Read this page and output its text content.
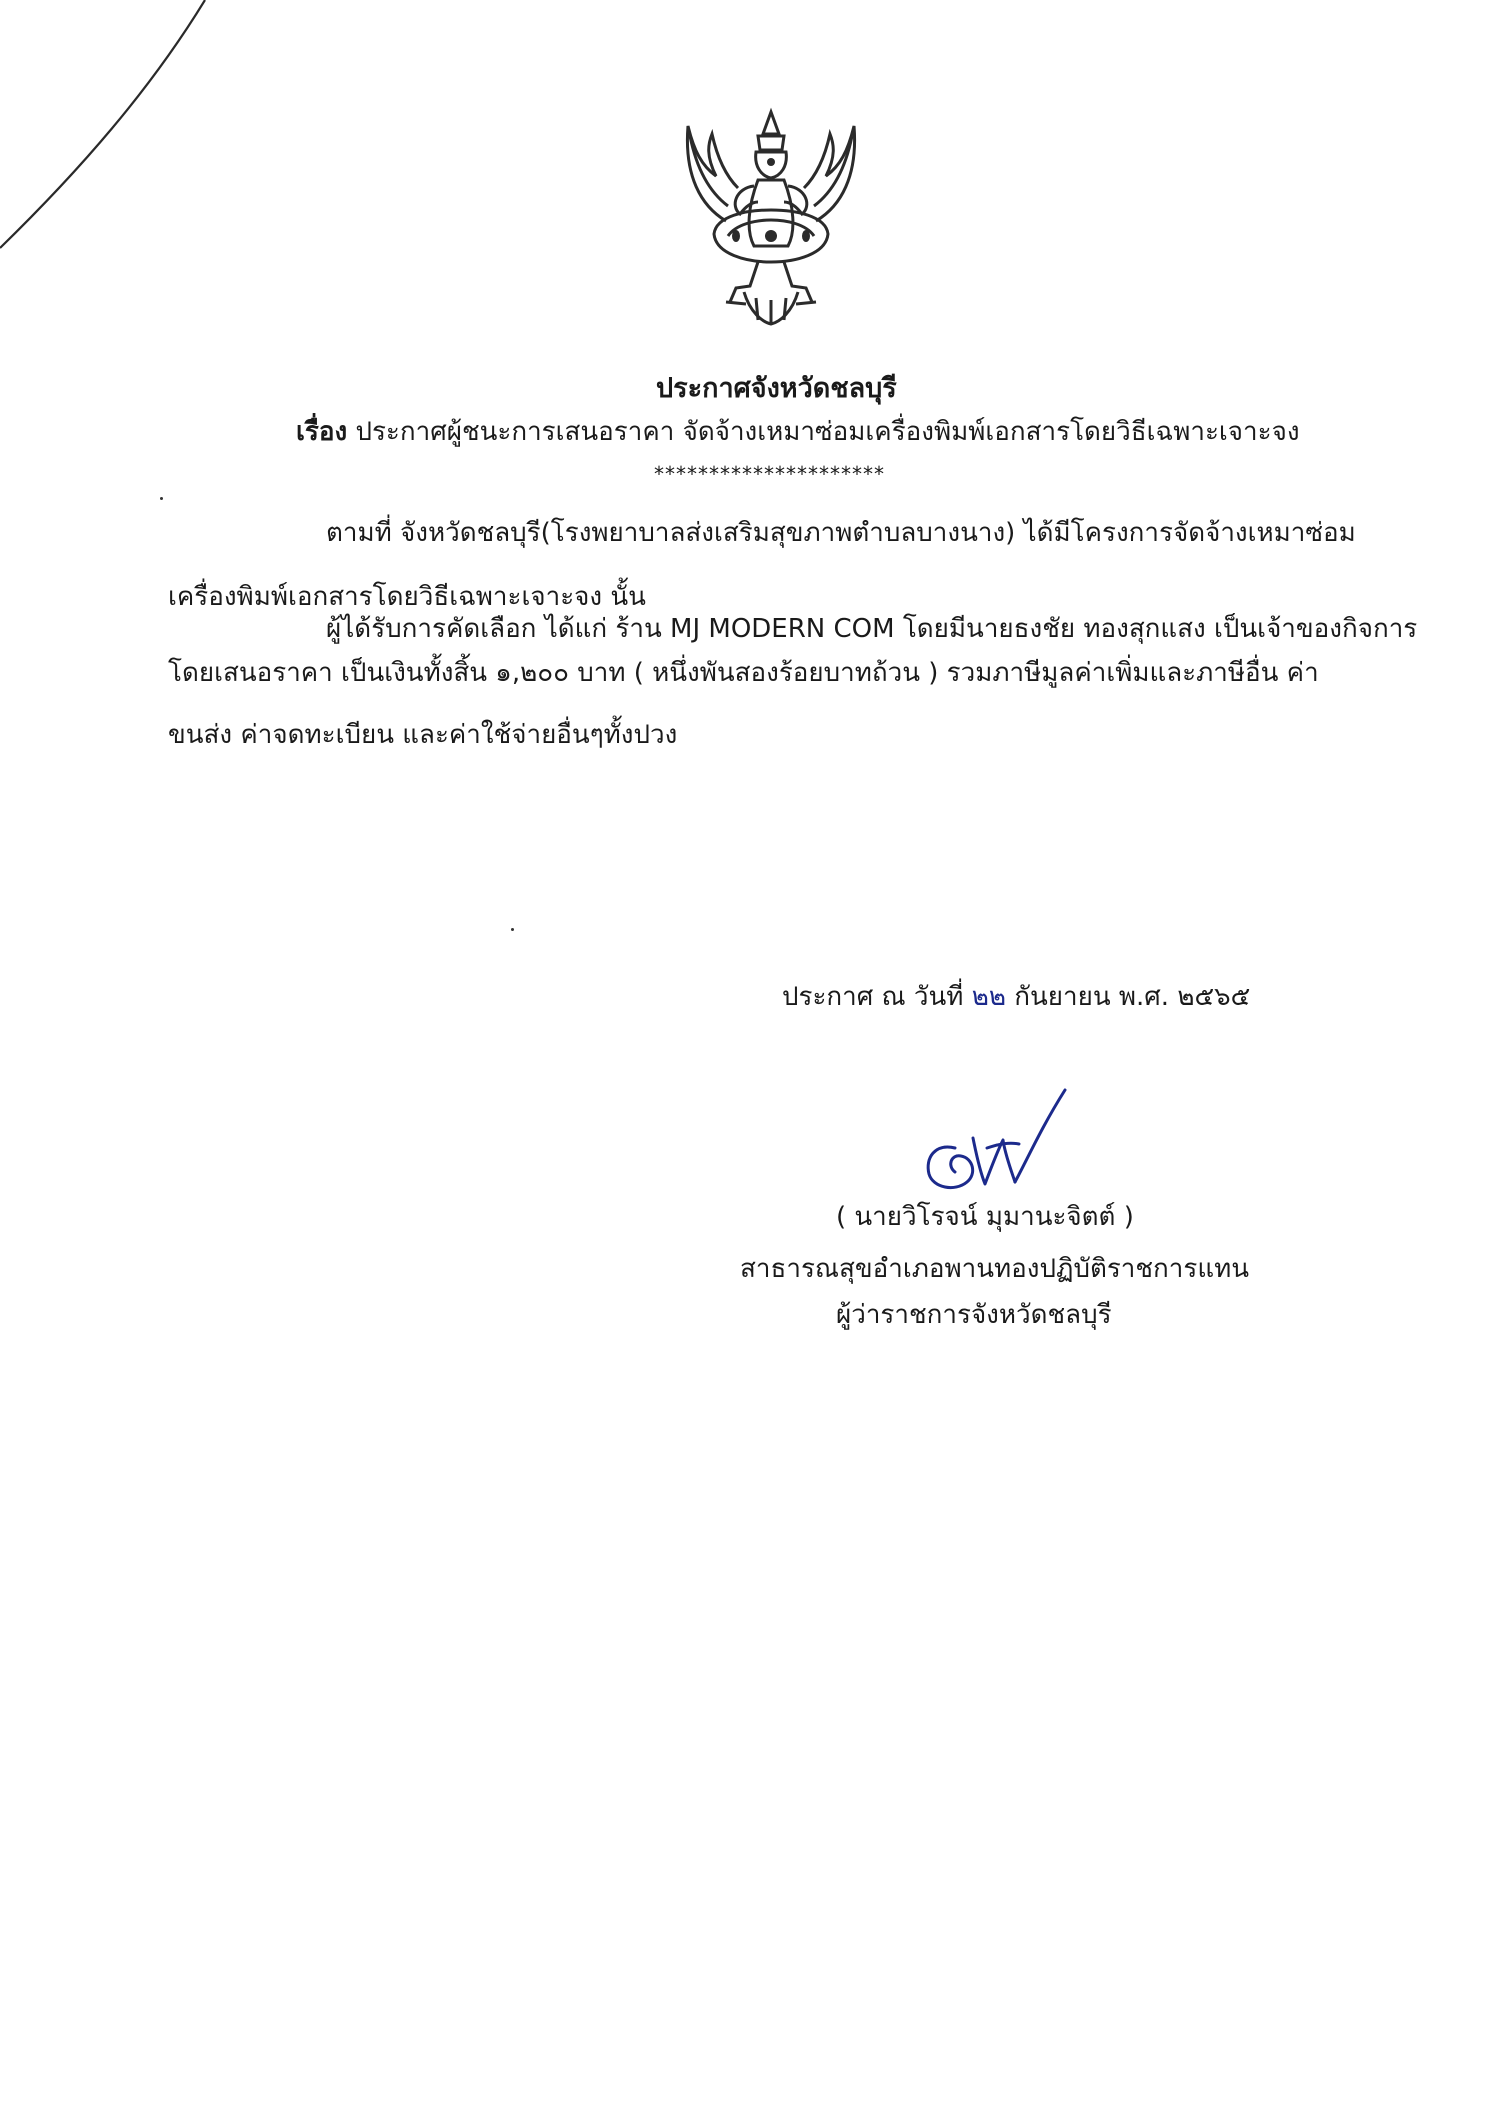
ประกาศจังหวัดชลบุรี
เรื่อง ประกาศผู้ชนะการเสนอราคา จัดจ้างเหมาซ่อมเครื่องพิมพ์เอกสารโดยวิธีเฉพาะเจาะจง
*********************
ตามที่ จังหวัดชลบุรี(โรงพยาบาลส่งเสริมสุขภาพตำบลบางนาง) ได้มีโครงการจัดจ้างเหมาซ่อม
เครื่องพิมพ์เอกสารโดยวิธีเฉพาะเจาะจง นั้น
ผู้ได้รับการคัดเลือก ได้แก่ ร้าน MJ MODERN COM โดยมีนายธงชัย ทองสุกแสง เป็นเจ้าของกิจการ
โดยเสนอราคา เป็นเงินทั้งสิ้น ๑,๒๐๐ บาท ( หนึ่งพันสองร้อยบาทถ้วน ) รวมภาษีมูลค่าเพิ่มและภาษีอื่น ค่า
ขนส่ง ค่าจดทะเบียน และค่าใช้จ่ายอื่นๆทั้งปวง
ประกาศ ณ วันที่ ๒๒ กันยายน พ.ศ. ๒๕๖๕
( นายวิโรจน์ มุมานะจิตต์ )
สาธารณสุขอำเภอพานทองปฏิบัติราชการแทน
ผู้ว่าราชการจังหวัดชลบุรี
